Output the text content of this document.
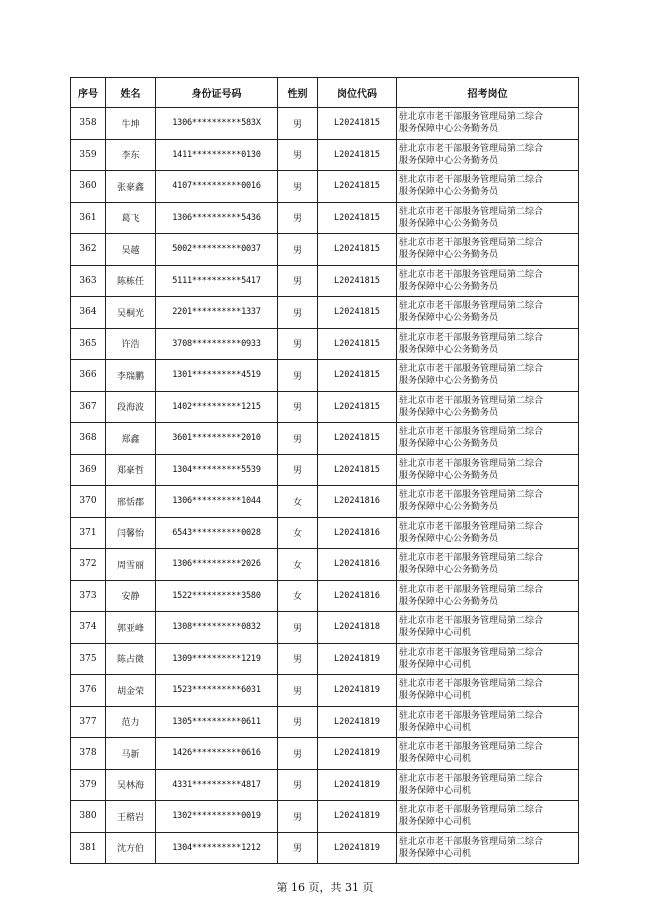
序号	姓名	身份证号码	性别	岗位代码	招考岗位
358	牛坤	1306**********583X	男	L20241815	驻北京市老干部服务管理局第二综合
服务保障中心公务勤务员

359	李东	1411**********0130	男	L20241815	驻北京市老干部服务管理局第二综合
服务保障中心公务勤务员

360	张豪鑫	4107**********0016	男	L20241815	驻北京市老干部服务管理局第二综合
服务保障中心公务勤务员

361	葛飞	1306**********5436	男	L20241815	驻北京市老干部服务管理局第二综合
服务保障中心公务勤务员

362	吴越	5002**********0037	男	L20241815	驻北京市老干部服务管理局第二综合
服务保障中心公务勤务员

363	陈栋任	5111**********5417	男	L20241815	驻北京市老干部服务管理局第二综合
服务保障中心公务勤务员

364	吴桐光	2201**********1337	男	L20241815	驻北京市老干部服务管理局第二综合
服务保障中心公务勤务员

365	许浩	3708**********0933	男	L20241815	驻北京市老干部服务管理局第二综合
服务保障中心公务勤务员

366	李瑞鹏	1301**********4519	男	L20241815	驻北京市老干部服务管理局第二综合
服务保障中心公务勤务员

367	段海波	1402**********1215	男	L20241815	驻北京市老干部服务管理局第二综合
服务保障中心公务勤务员

368	郑鑫	3601**********2010	男	L20241815	驻北京市老干部服务管理局第二综合
服务保障中心公务勤务员

369	郑豪哲	1304**********5539	男	L20241815	驻北京市老干部服务管理局第二综合
服务保障中心公务勤务员

370	邢恬郡	1306**********1044	女	L20241816	驻北京市老干部服务管理局第二综合
服务保障中心公务勤务员

371	闫馨怡	6543**********0028	女	L20241816	驻北京市老干部服务管理局第二综合
服务保障中心公务勤务员

372	周雪丽	1306**********2026	女	L20241816	驻北京市老干部服务管理局第二综合
服务保障中心公务勤务员

373	安静	1522**********3580	女	L20241816	驻北京市老干部服务管理局第二综合
服务保障中心公务勤务员

374	郭亚峰	1308**********0832	男	L20241818	驻北京市老干部服务管理局第二综合
服务保障中心司机

375	陈占微	1309**********1219	男	L20241819	驻北京市老干部服务管理局第二综合
服务保障中心司机

376	胡金荣	1523**********6031	男	L20241819	驻北京市老干部服务管理局第二综合
服务保障中心司机

377	范力	1305**********0611	男	L20241819	驻北京市老干部服务管理局第二综合
服务保障中心司机

378	马新	1426**********0616	男	L20241819	驻北京市老干部服务管理局第二综合
服务保障中心司机

379	吴林海	4331**********4817	男	L20241819	驻北京市老干部服务管理局第二综合
服务保障中心司机

380	王楷岩	1302**********0019	男	L20241819	驻北京市老干部服务管理局第二综合
服务保障中心司机

381	沈方伯	1304**********1212	男	L20241819	驻北京市老干部服务管理局第二综合
服务保障中心司机
第 16 页，共 31 页
